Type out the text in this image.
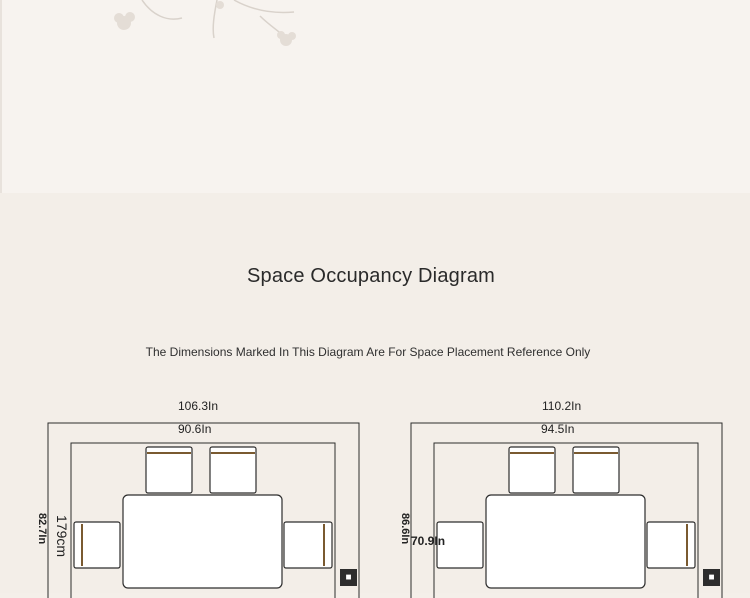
Space Occupancy Diagram
The Dimensions Marked In This Diagram Are For Space Placement Reference Only
106.3In
90.6In
82.7In 179cm
■
110.2In
94.5In
86.6In 70.9In
■
